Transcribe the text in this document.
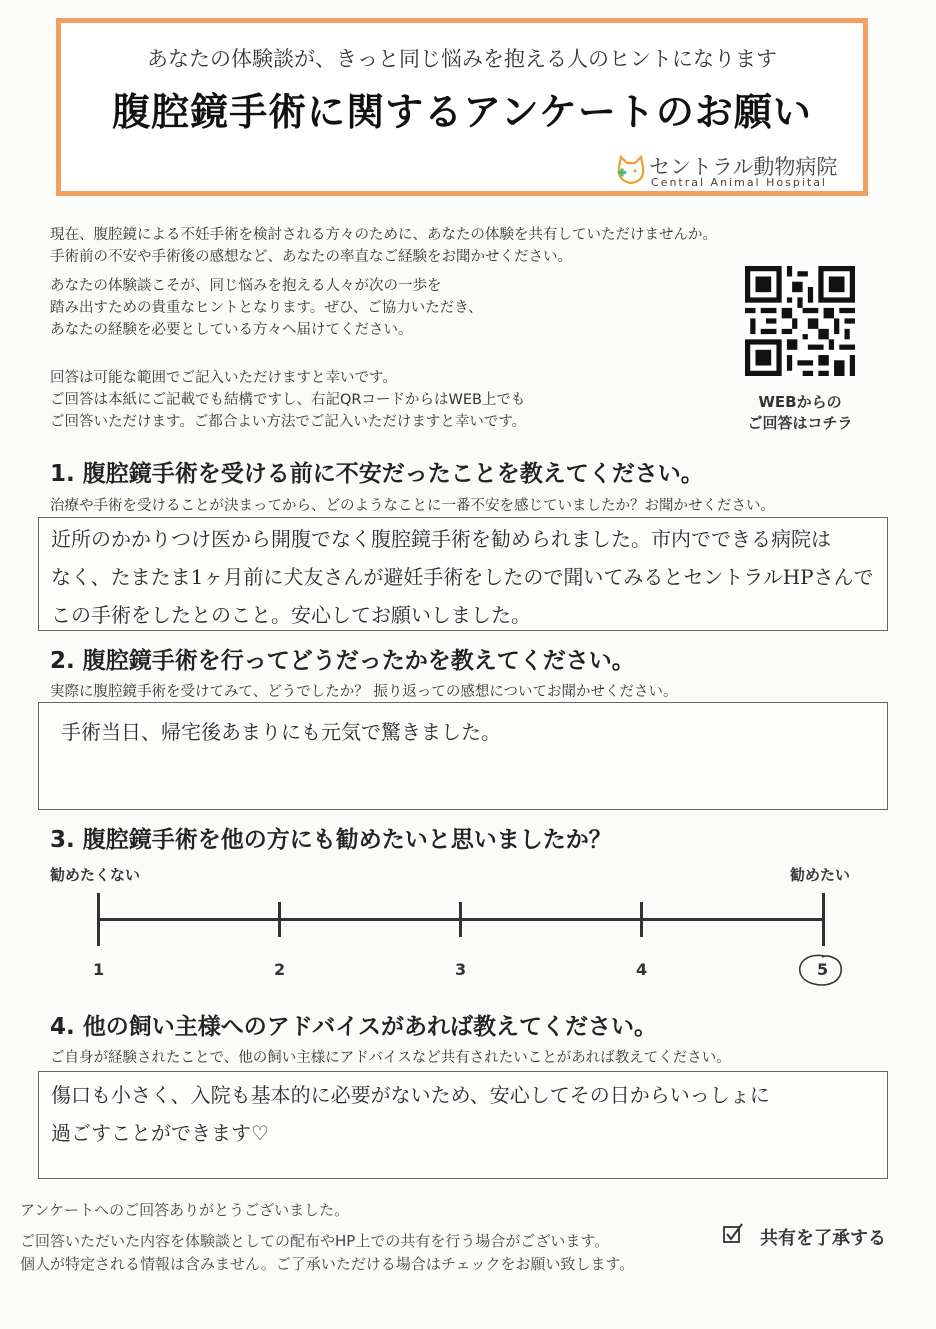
あなたの体験談が、きっと同じ悩みを抱える人のヒントになります
腹腔鏡手術に関するアンケートのお願い
セントラル動物病院
Central Animal Hospital
現在、腹腔鏡による不妊手術を検討される方々のために、あなたの体験を共有していただけませんか。
手術前の不安や手術後の感想など、あなたの率直なご経験をお聞かせください。
あなたの体験談こそが、同じ悩みを抱える人々が次の一歩を
踏み出すための貴重なヒントとなります。ぜひ、ご協力いただき、
あなたの経験を必要としている方々へ届けてください。
回答は可能な範囲でご記入いただけますと幸いです。
ご回答は本紙にご記載でも結構ですし、右記QRコードからはWEB上でも
ご回答いただけます。ご都合よい方法でご記入いただけますと幸いです。
WEBからの
ご回答はコチラ
1. 腹腔鏡手術を受ける前に不安だったことを教えてください。
治療や手術を受けることが決まってから、どのようなことに一番不安を感じていましたか？お聞かせください。
近所のかかりつけ医から開腹でなく腹腔鏡手術を勧められました。市内でできる病院は
なく、たまたま1ヶ月前に犬友さんが避妊手術をしたので聞いてみるとセントラルHPさんで
この手術をしたとのこと。安心してお願いしました。
2. 腹腔鏡手術を行ってどうだったかを教えてください。
実際に腹腔鏡手術を受けてみて、どうでしたか？ 振り返っての感想についてお聞かせください。
手術当日、帰宅後あまりにも元気で驚きました。
3. 腹腔鏡手術を他の方にも勧めたいと思いましたか？
勧めたくない	勧めたい
1	2	3	4	5
4. 他の飼い主様へのアドバイスがあれば教えてください。
ご自身が経験されたことで、他の飼い主様にアドバイスなど共有されたいことがあれば教えてください。
傷口も小さく、入院も基本的に必要がないため、安心してその日からいっしょに
過ごすことができます♡
アンケートへのご回答ありがとうございました。
ご回答いただいた内容を体験談としての配布やHP上での共有を行う場合がございます。
個人が特定される情報は含みません。ご了承いただける場合はチェックをお願い致します。
共有を了承する
